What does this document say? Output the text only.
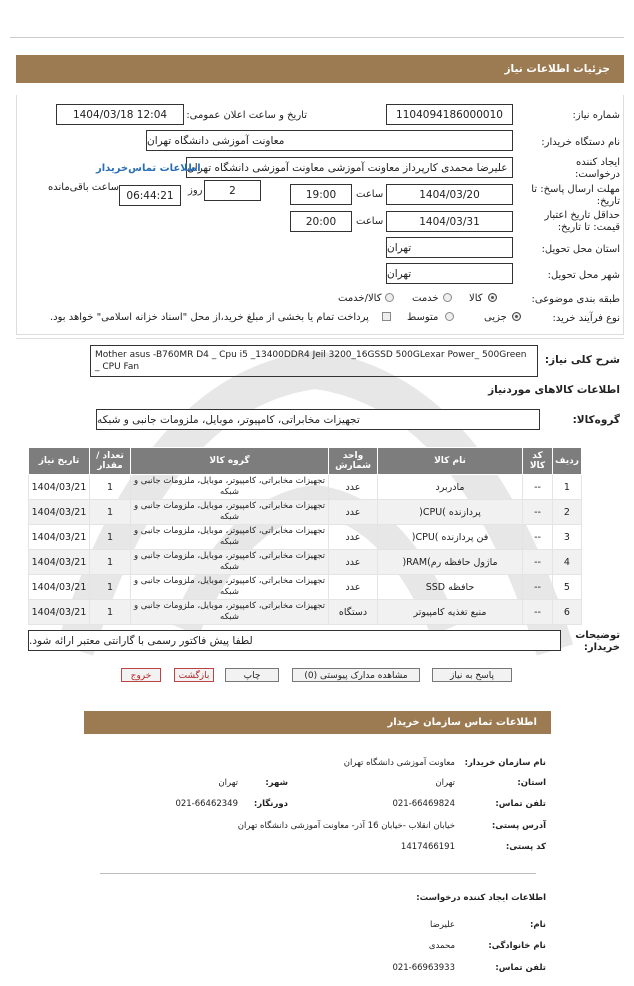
جزئیات اطلاعات نیاز
شماره نیاز:
1104094186000010
تاریخ و ساعت اعلان عمومی:
1404/03/18 12:04
نام دستگاه خریدار:
معاونت آموزشی دانشگاه تهران
ایجاد کننده درخواست:
علیرضا محمدی کارپرداز معاونت آموزشی معاونت آموزشی دانشگاه تهران
اطلاعات تماس‌خریدار
مهلت ارسال پاسخ: تا تاریخ:
1404/03/20
ساعت
19:00
2
روز
06:44:21
ساعت باقی‌مانده
حداقل تاریخ اعتبار قیمت: تا تاریخ:
1404/03/31
ساعت
20:00
استان محل تحویل:
تهران
شهر محل تحویل:
تهران
طبقه بندی موضوعی:
کالا
خدمت
کالا/خدمت
نوع فرآیند خرید:
جزیی
متوسط
پرداخت تمام یا بخشی از مبلغ خرید،از محل "اسناد خزانه اسلامی" خواهد بود.
شرح کلی نیاز:
Mother asus -B760MR D4 _ Cpu i5 _13400DDR4 Jeil 3200_16GSSD 500GLexar Power_ 500Green _ CPU Fan
اطلاعات کالاهای موردنیاز
گروه‌کالا:
تجهیزات مخابراتی، کامپیوتر، موبایل، ملزومات جانبی و شبکه
ردیف	کد کالا	نام کالا	واحد شمارش	گروه کالا	تعداد / مقدار	تاریخ نیاز
1	--	مادربرد	عدد	تجهیزات مخابراتی، کامپیوتر، موبایل، ملزومات جانبی و شبکه	1	1404/03/21
2	--	پردازنده )CPU(	عدد	تجهیزات مخابراتی، کامپیوتر، موبایل، ملزومات جانبی و شبکه	1	1404/03/21
3	--	فن پردازنده )CPU(	عدد	تجهیزات مخابراتی، کامپیوتر، موبایل، ملزومات جانبی و شبکه	1	1404/03/21
4	--	ماژول حافظه رم)RAM(	عدد	تجهیزات مخابراتی، کامپیوتر، موبایل، ملزومات جانبی و شبکه	1	1404/03/21
5	--	حافظه SSD	عدد	تجهیزات مخابراتی، کامپیوتر، موبایل، ملزومات جانبی و شبکه	1	1404/03/21
6	--	منبع تغذیه کامپیوتر	دستگاه	تجهیزات مخابراتی، کامپیوتر، موبایل، ملزومات جانبی و شبکه	1	1404/03/21
توضیحات خریدار:
لطفا پیش فاکتور رسمی با گارانتی معتبر ارائه شود.
پاسخ به نیاز
مشاهده مدارک پیوستی (0)
چاپ
بازگشت
خروج
اطلاعات تماس سازمان خریدار
نام سازمان خریدار:
معاونت آموزشی دانشگاه تهران
استان:
تهران
شهر:
تهران
تلفن تماس:
021-66469824
دورنگار:
021-66462349
آدرس پستی:
خیابان انقلاب -خیابان 16 آذر- معاونت آموزشی دانشگاه تهران
کد پستی:
1417466191
اطلاعات ایجاد کننده درخواست:
نام:
علیرضا
نام خانوادگی:
محمدی
تلفن تماس:
021-66963933
